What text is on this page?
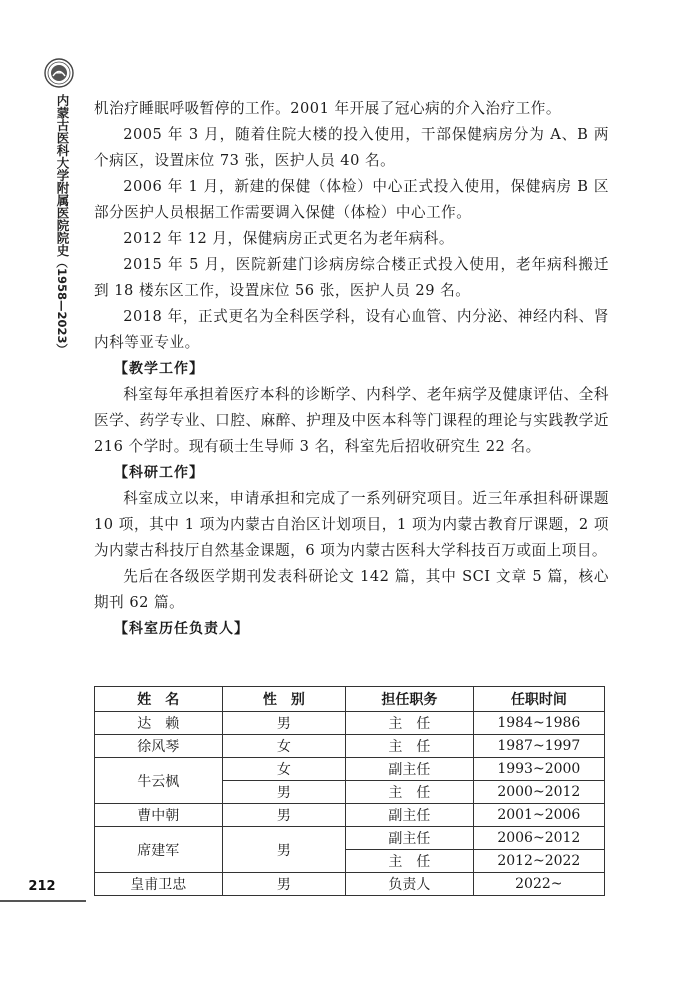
内蒙古医科大学附属医院院史（1958—2023）
212

机治疗睡眠呼吸暂停的工作。2001 年开展了冠心病的介入治疗工作。

2005 年 3 月，随着住院大楼的投入使用，干部保健病房分为 A、B 两个病区，设置床位 73 张，医护人员 40 名。

2006 年 1 月，新建的保健（体检）中心正式投入使用，保健病房 B 区部分医护人员根据工作需要调入保健（体检）中心工作。

2012 年 12 月，保健病房正式更名为老年病科。

2015 年 5 月，医院新建门诊病房综合楼正式投入使用，老年病科搬迁到 18 楼东区工作，设置床位 56 张，医护人员 29 名。

2018 年，正式更名为全科医学科，设有心血管、内分泌、神经内科、肾内科等亚专业。

【教学工作】

科室每年承担着医疗本科的诊断学、内科学、老年病学及健康评估、全科医学、药学专业、口腔、麻醉、护理及中医本科等门课程的理论与实践教学近 216 个学时。现有硕士生导师 3 名，科室先后招收研究生 22 名。

【科研工作】

科室成立以来，申请承担和完成了一系列研究项目。近三年承担科研课题 10 项，其中 1 项为内蒙古自治区计划项目，1 项为内蒙古教育厅课题，2 项为内蒙古科技厅自然基金课题，6 项为内蒙古医科大学科技百万或面上项目。

先后在各级医学期刊发表科研论文 142 篇，其中 SCI 文章 5 篇，核心期刊 62 篇。

【科室历任负责人】
姓　名	性　别	担任职务	任职时间
达　赖	男	主　任	1984~1986
徐风琴	女	主　任	1987~1997
牛云枫	女	副主任	1993~2000
	男	主　任	2000~2012
曹中朝	男	副主任	2001~2006
席建军	男	副主任	2006~2012
		主　任	2012~2022
皇甫卫忠	男	负责人	2022~
